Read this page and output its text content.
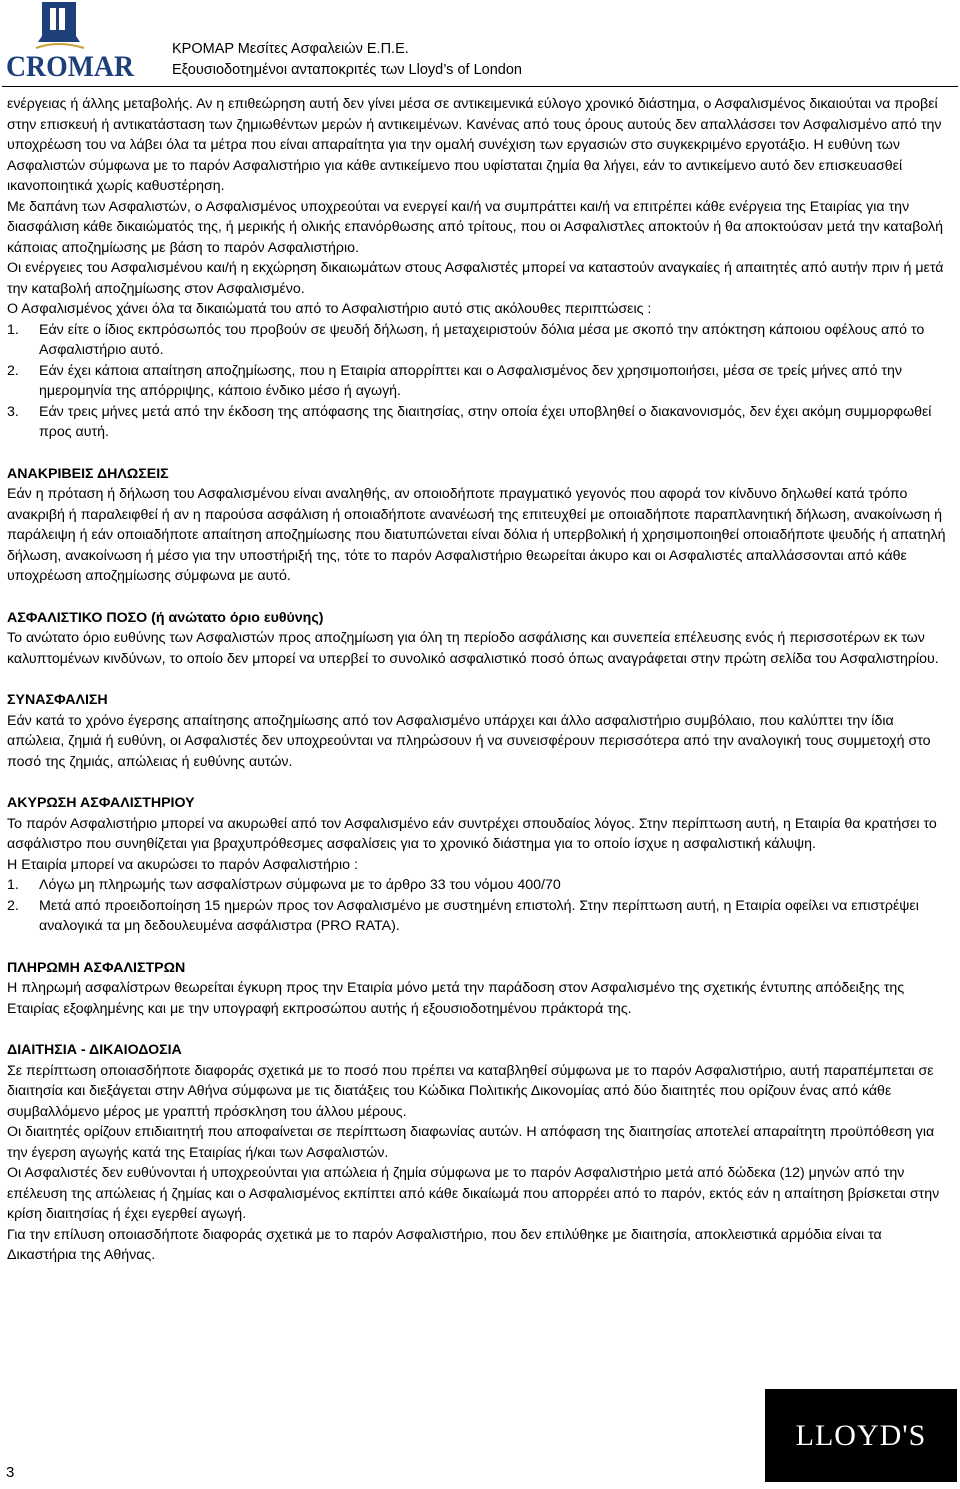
CROMAR
ΚΡΟΜΑΡ Μεσίτες Ασφαλειών Ε.Π.Ε.
Εξουσιοδοτημένοι ανταποκριτές των Lloyd’s of London

ενέργειας ή άλλης μεταβολής. Αν η επιθεώρηση αυτή δεν γίνει μέσα σε αντικειμενικά εύλογο χρονικό διάστημα, ο Ασφαλισμένος δικαιούται να προβεί στην επισκευή ή αντικατάσταση των ζημιωθέντων μερών ή αντικειμένων. Κανένας από τους όρους αυτούς δεν απαλλάσσει τον Ασφαλισμένο από την υποχρέωση του να λάβει όλα τα μέτρα που είναι απαραίτητα για την ομαλή συνέχιση των εργασιών στο συγκεκριμένο εργοτάξιο. Η ευθύνη των Ασφαλιστών σύμφωνα με το παρόν Ασφαλιστήριο για κάθε αντικείμενο που υφίσταται ζημία θα λήγει, εάν το αντικείμενο αυτό δεν επισκευασθεί ικανοποιητικά χωρίς καθυστέρηση.

Με δαπάνη των Ασφαλιστών, ο Ασφαλισμένος υποχρεούται να ενεργεί και/ή να συμπράττει και/ή να επιτρέπει κάθε ενέργεια της Εταιρίας για την διασφάλιση κάθε δικαιώματός της, ή μερικής ή ολικής επανόρθωσης από τρίτους, που οι Ασφαλιστλες αποκτούν ή θα αποκτούσαν μετά την καταβολή κάποιας αποζημίωσης με βάση το παρόν Ασφαλιστήριο.

Οι ενέργειες του Ασφαλισμένου και/ή η εκχώρηση δικαιωμάτων στους Ασφαλιστές μπορεί να καταστούν αναγκαίες ή απαιτητές από αυτήν πριν ή μετά την καταβολή αποζημίωσης στον Ασφαλισμένο.

Ο Ασφαλισμένος χάνει όλα τα δικαιώματά του από το Ασφαλιστήριο αυτό στις ακόλουθες περιπτώσεις :

1. Εάν είτε ο ίδιος εκπρόσωπός του προβούν σε ψευδή δήλωση, ή μεταχειριστούν δόλια μέσα με σκοπό την απόκτηση κάποιου οφέλους από το Ασφαλιστήριο αυτό.
2. Εάν έχει κάποια απαίτηση αποζημίωσης, που η Εταιρία απορρίπτει και ο Ασφαλισμένος δεν χρησιμοποιήσει, μέσα σε τρείς μήνες από την ημερομηνία της απόρριψης, κάποιο ένδικο μέσο ή αγωγή.
3. Εάν τρεις μήνες μετά από την έκδοση της απόφασης της διαιτησίας, στην οποία έχει υποβληθεί ο διακανονισμός, δεν έχει ακόμη συμμορφωθεί προς αυτή.

ΑΝΑΚΡΙΒΕΙΣ ΔΗΛΩΣΕΙΣ

Εάν η πρόταση ή δήλωση του Ασφαλισμένου είναι αναληθής, αν οποιοδήποτε πραγματικό γεγονός που αφορά τον κίνδυνο δηλωθεί κατά τρόπο ανακριβή ή παραλειφθεί ή αν η παρούσα ασφάλιση ή οποιαδήποτε ανανέωσή της επιτευχθεί με οποιαδήποτε παραπλανητική δήλωση, ανακοίνωση ή παράλειψη ή εάν οποιαδήποτε απαίτηση αποζημίωσης που διατυπώνεται είναι δόλια ή υπερβολική ή χρησιμοποιηθεί οποιαδήποτε ψευδής ή απατηλή δήλωση, ανακοίνωση ή μέσο για την υποστήριξή της, τότε το παρόν Ασφαλιστήριο θεωρείται άκυρο και οι Ασφαλιστές απαλλάσσονται από κάθε υποχρέωση αποζημίωσης σύμφωνα με αυτό.

ΑΣΦΑΛΙΣΤΙΚΟ ΠΟΣΟ (ή ανώτατο όριο ευθύνης)

Το ανώτατο όριο ευθύνης των Ασφαλιστών προς αποζημίωση για όλη τη περίοδο ασφάλισης και συνεπεία επέλευσης ενός ή περισσοτέρων εκ των καλυπτομένων κινδύνων, το οποίο δεν μπορεί να υπερβεί το συνολικό ασφαλιστικό ποσό όπως αναγράφεται στην πρώτη σελίδα του Ασφαλιστηρίου.

ΣΥΝΑΣΦΑΛΙΣΗ

Εάν κατά το χρόνο έγερσης απαίτησης αποζημίωσης από τον Ασφαλισμένο υπάρχει και άλλο ασφαλιστήριο συμβόλαιο, που καλύπτει την ίδια απώλεια, ζημιά ή ευθύνη, οι Ασφαλιστές δεν υποχρεούνται να πληρώσουν ή να συνεισφέρουν περισσότερα από την αναλογική τους συμμετοχή στο ποσό της ζημιάς, απώλειας ή ευθύνης αυτών.

ΑΚΥΡΩΣΗ ΑΣΦΑΛΙΣΤΗΡΙΟΥ

Το παρόν Ασφαλιστήριο μπορεί να ακυρωθεί από τον Ασφαλισμένο εάν συντρέχει σπουδαίος λόγος. Στην περίπτωση αυτή, η Εταιρία θα κρατήσει το ασφάλιστρο που συνηθίζεται για βραχυπρόθεσμες ασφαλίσεις για το χρονικό διάστημα για το οποίο ίσχυε η ασφαλιστική κάλυψη.

Η Εταιρία μπορεί να ακυρώσει το παρόν Ασφαλιστήριο :

1. Λόγω μη πληρωμής των ασφαλίστρων σύμφωνα με το άρθρο 33 του νόμου 400/70
2. Μετά από προειδοποίηση 15 ημερών προς τον Ασφαλισμένο με συστημένη επιστολή. Στην περίπτωση αυτή, η Εταιρία οφείλει να επιστρέψει αναλογικά τα μη δεδουλευμένα ασφάλιστρα (PRO RATA).

ΠΛΗΡΩΜΗ ΑΣΦΑΛΙΣΤΡΩΝ

Η πληρωμή ασφαλίστρων θεωρείται έγκυρη προς την Εταιρία μόνο μετά την παράδοση στον Ασφαλισμένο της σχετικής έντυπης απόδειξης της Εταιρίας εξοφλημένης και με την υπογραφή εκπροσώπου αυτής ή εξουσιοδοτημένου πράκτορά της.

ΔΙΑΙΤΗΣΙΑ - ΔΙΚΑΙΟΔΟΣΙΑ

Σε περίπτωση οποιασδήποτε διαφοράς σχετικά με το ποσό που πρέπει να καταβληθεί σύμφωνα με το παρόν Ασφαλιστήριο, αυτή παραπέμπεται σε διαιτησία και διεξάγεται στην Αθήνα σύμφωνα με τις διατάξεις του Κώδικα Πολιτικής Δικονομίας από δύο διαιτητές που ορίζουν ένας από κάθε συμβαλλόμενο μέρος με γραπτή πρόσκληση του άλλου μέρους.

Οι διαιτητές ορίζουν επιδιαιτητή που αποφαίνεται σε περίπτωση διαφωνίας αυτών. Η απόφαση της διαιτησίας αποτελεί απαραίτητη προϋπόθεση για την έγερση αγωγής κατά της Εταιρίας ή/και των Ασφαλιστών.

Οι Ασφαλιστές δεν ευθύνονται ή υποχρεούνται για απώλεια ή ζημία σύμφωνα με το παρόν Ασφαλιστήριο μετά από δώδεκα (12) μηνών από την επέλευση της απώλειας ή ζημίας και ο Ασφαλισμένος εκπίπτει από κάθε δικαίωμά που απορρέει από το παρόν, εκτός εάν η απαίτηση βρίσκεται στην κρίση διαιτησίας ή έχει εγερθεί αγωγή.

Για την επίλυση οποιασδήποτε διαφοράς σχετικά με το παρόν Ασφαλιστήριο, που δεν επιλύθηκε με διαιτησία, αποκλειστικά αρμόδια είναι τα Δικαστήρια της Αθήνας.

LLOYD'S
3
